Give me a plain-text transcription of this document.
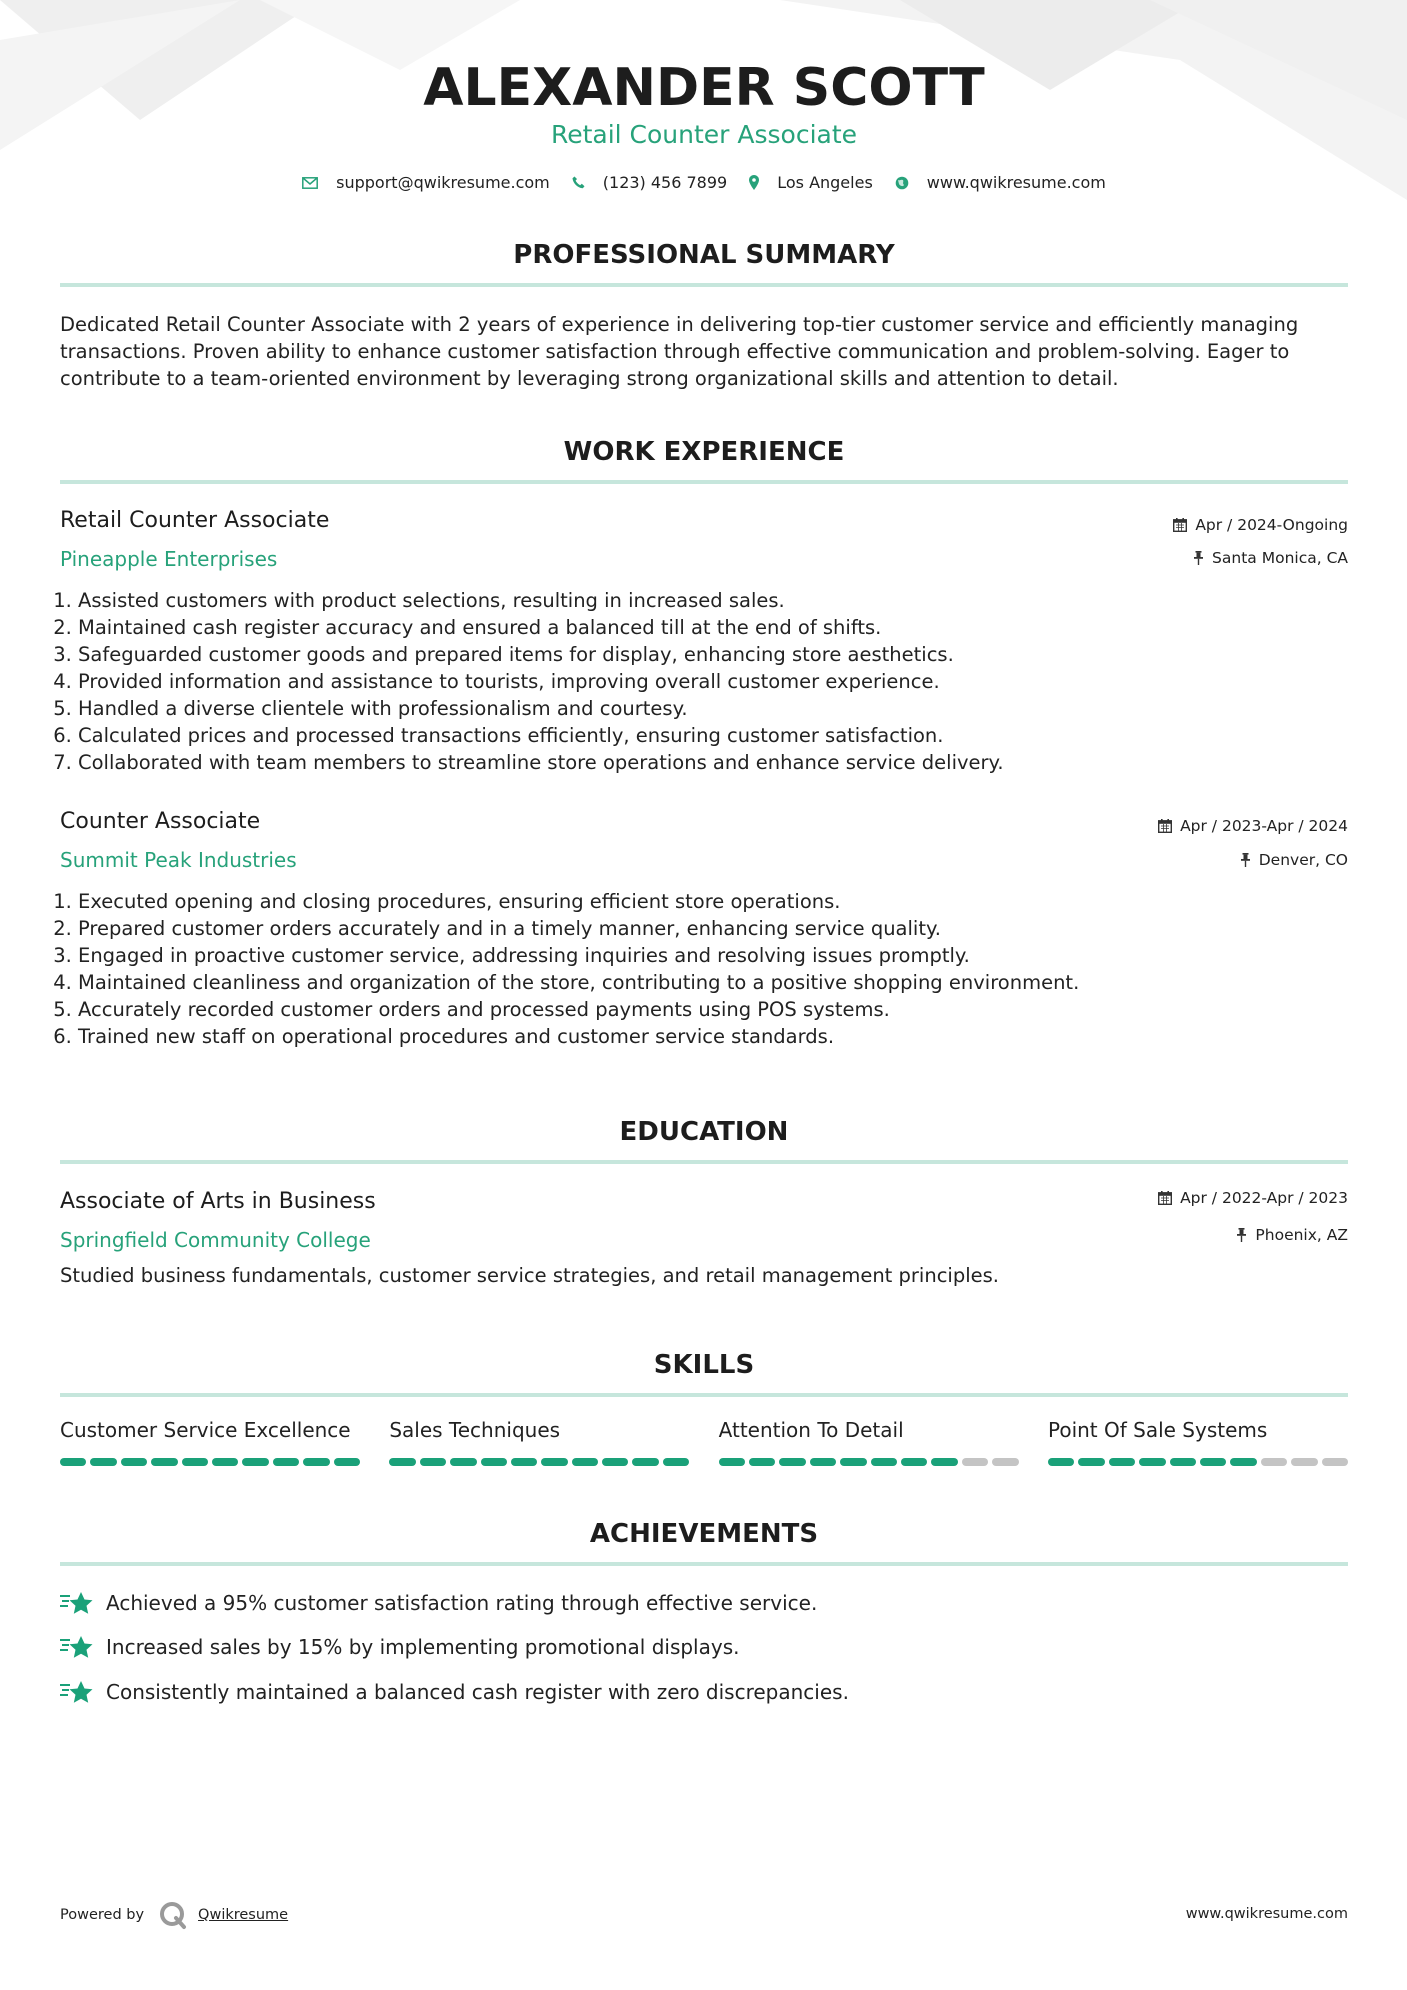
ALEXANDER SCOTT
Retail Counter Associate
support@qwikresume.com	(123) 456 7899	Los Angeles	www.qwikresume.com
PROFESSIONAL SUMMARY
Dedicated Retail Counter Associate with 2 years of experience in delivering top-tier customer service and efficiently managing transactions. Proven ability to enhance customer satisfaction through effective communication and problem-solving. Eager to contribute to a team-oriented environment by leveraging strong organizational skills and attention to detail.
WORK EXPERIENCE
Retail Counter Associate	Apr / 2024-Ongoing
Pineapple Enterprises	Santa Monica, CA
1. Assisted customers with product selections, resulting in increased sales.
2. Maintained cash register accuracy and ensured a balanced till at the end of shifts.
3. Safeguarded customer goods and prepared items for display, enhancing store aesthetics.
4. Provided information and assistance to tourists, improving overall customer experience.
5. Handled a diverse clientele with professionalism and courtesy.
6. Calculated prices and processed transactions efficiently, ensuring customer satisfaction.
7. Collaborated with team members to streamline store operations and enhance service delivery.
Counter Associate	Apr / 2023-Apr / 2024
Summit Peak Industries	Denver, CO
1. Executed opening and closing procedures, ensuring efficient store operations.
2. Prepared customer orders accurately and in a timely manner, enhancing service quality.
3. Engaged in proactive customer service, addressing inquiries and resolving issues promptly.
4. Maintained cleanliness and organization of the store, contributing to a positive shopping environment.
5. Accurately recorded customer orders and processed payments using POS systems.
6. Trained new staff on operational procedures and customer service standards.
EDUCATION
Associate of Arts in Business	Apr / 2022-Apr / 2023
Springfield Community College	Phoenix, AZ
Studied business fundamentals, customer service strategies, and retail management principles.
SKILLS
Customer Service Excellence	Sales Techniques	Attention To Detail	Point Of Sale Systems
ACHIEVEMENTS
Achieved a 95% customer satisfaction rating through effective service.
Increased sales by 15% by implementing promotional displays.
Consistently maintained a balanced cash register with zero discrepancies.
Powered by	Qwikresume	www.qwikresume.com
